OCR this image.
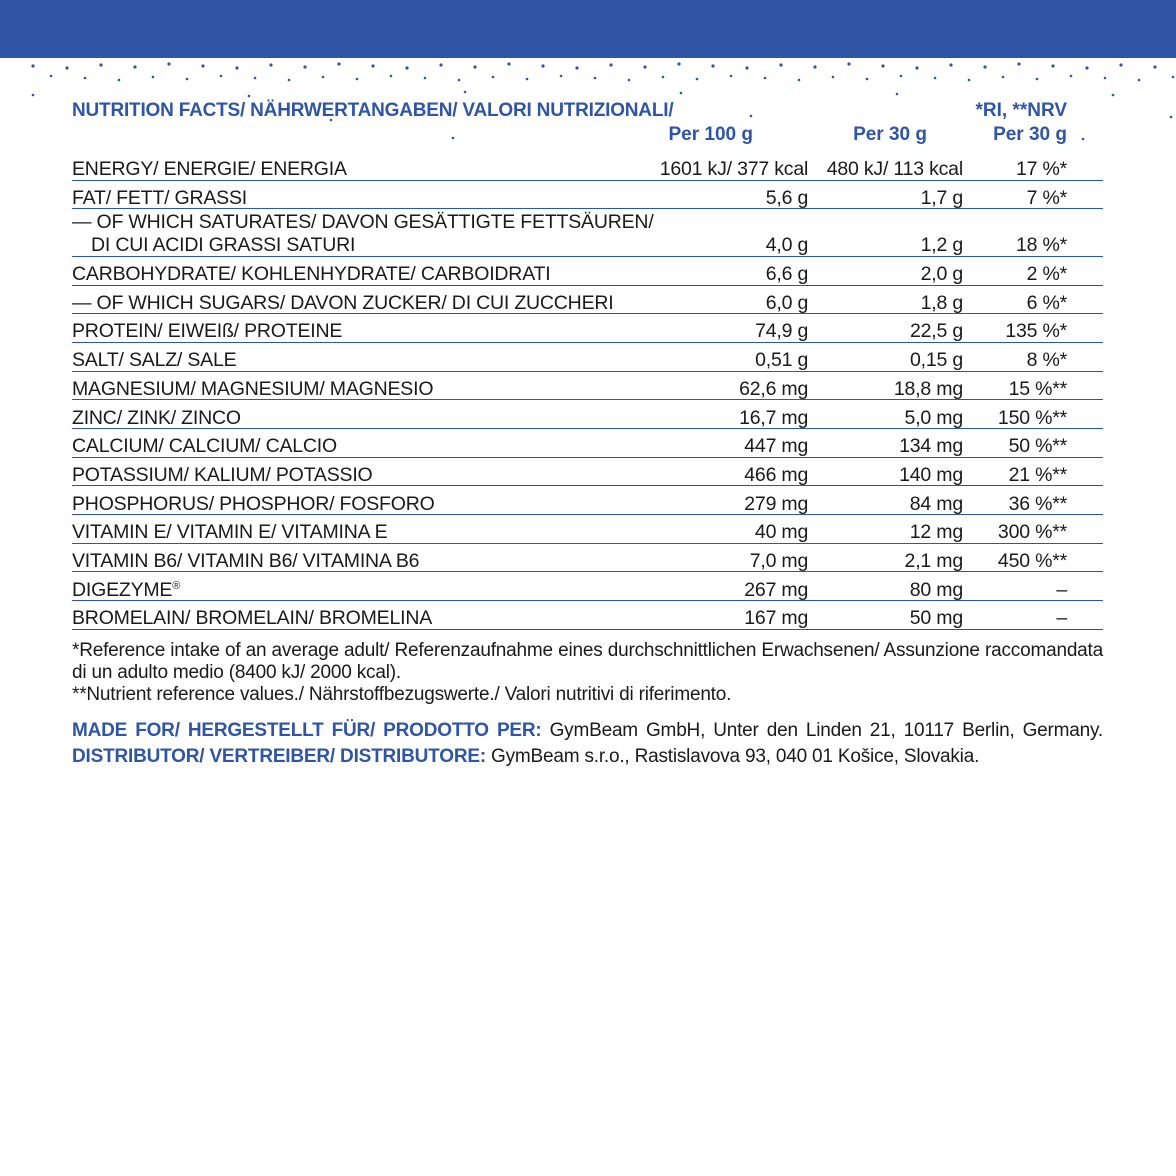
NUTRITION FACTS/ NÄHRWERTANGABEN/ VALORI NUTRIZIONALI/	*RI, **NRV
Per 100 g	Per 30 g	Per 30 g
ENERGY/ ENERGIE/ ENERGIA	1601 kJ/ 377 kcal	480 kJ/ 113 kcal	17 %*
FAT/ FETT/ GRASSI	5,6 g	1,7 g	7 %*

— OF WHICH SATURATES/ DAVON GESÄTTIGTE FETTSÄUREN/
DI CUI ACIDI GRASSI SATURI	4,0 g	1,2 g	18 %*
CARBOHYDRATE/ KOHLENHYDRATE/ CARBOIDRATI	6,6 g	2,0 g	2 %*
— OF WHICH SUGARS/ DAVON ZUCKER/ DI CUI ZUCCHERI	6,0 g	1,8 g	6 %*
PROTEIN/ EIWEIß/ PROTEINE	74,9 g	22,5 g	135 %*
SALT/ SALZ/ SALE	0,51 g	0,15 g	8 %*
MAGNESIUM/ MAGNESIUM/ MAGNESIO	62,6 mg	18,8 mg	15 %**
ZINC/ ZINK/ ZINCO	16,7 mg	5,0 mg	150 %**
CALCIUM/ CALCIUM/ CALCIO	447 mg	134 mg	50 %**
POTASSIUM/ KALIUM/ POTASSIO	466 mg	140 mg	21 %**
PHOSPHORUS/ PHOSPHOR/ FOSFORO	279 mg	84 mg	36 %**
VITAMIN E/ VITAMIN E/ VITAMINA E	40 mg	12 mg	300 %**
VITAMIN B6/ VITAMIN B6/ VITAMINA B6	7,0 mg	2,1 mg	450 %**
DIGEZYME®	267 mg	80 mg	–
BROMELAIN/ BROMELAIN/ BROMELINA	167 mg	50 mg	–

*Reference intake of an average adult/ Referenzaufnahme eines durchschnittlichen Erwachsenen/ Assunzione raccomandata di un adulto medio (8400 kJ/ 2000 kcal).

**Nutrient reference values./ Nährstoffbezugswerte./ Valori nutritivi di riferimento.

MADE FOR/ HERGESTELLT FÜR/ PRODOTTO PER: GymBeam GmbH, Unter den Linden 21, 10117 Berlin, Germany.

DISTRIBUTOR/ VERTREIBER/ DISTRIBUTORE: GymBeam s.r.o., Rastislavova 93, 040 01 Košice, Slovakia.
